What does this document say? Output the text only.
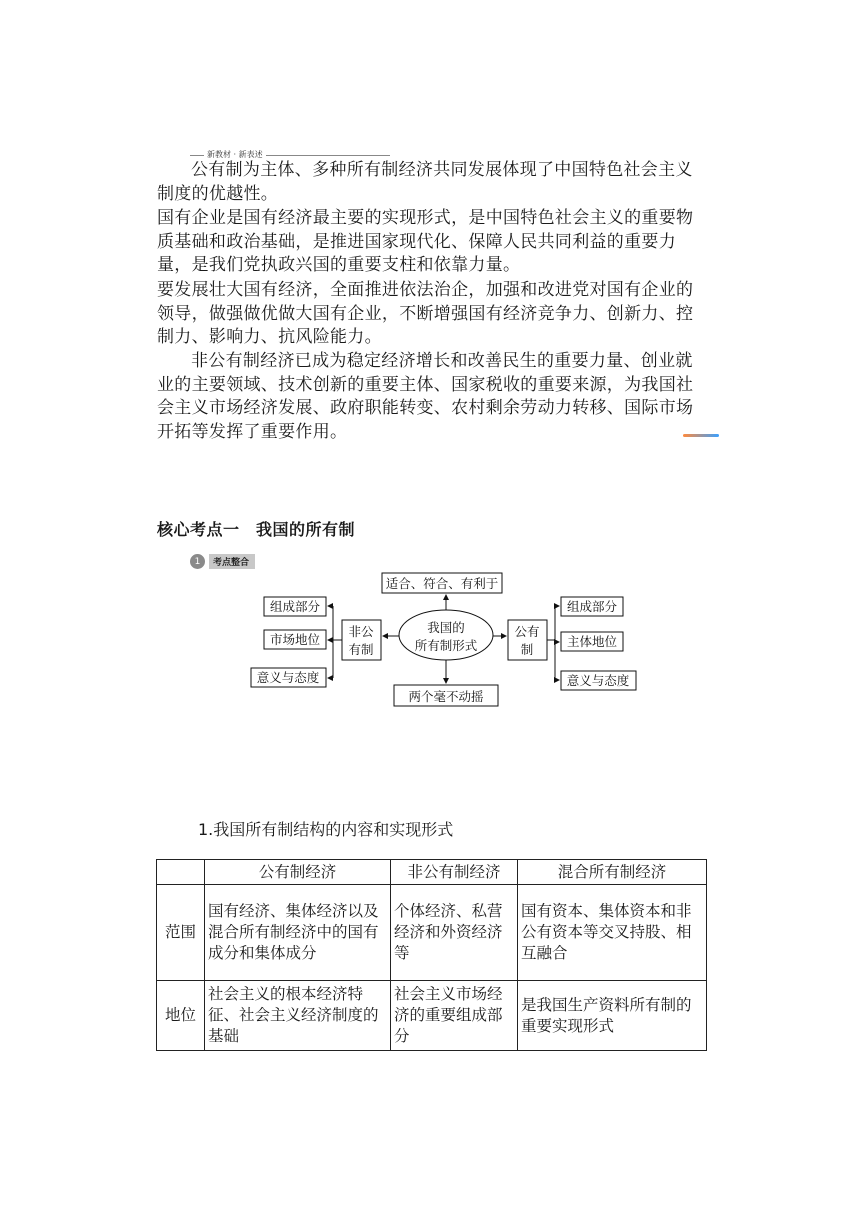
新教材 · 新表述

公有制为主体、多种所有制经济共同发展体现了中国特色社会主义制度的优越性。

国有企业是国有经济最主要的实现形式，是中国特色社会主义的重要物质基础和政治基础，是推进国家现代化、保障人民共同利益的重要力量，是我们党执政兴国的重要支柱和依靠力量。

要发展壮大国有经济，全面推进依法治企，加强和改进党对国有企业的领导，做强做优做大国有企业，不断增强国有经济竞争力、创新力、控制力、影响力、抗风险能力。

非公有制经济已成为稳定经济增长和改善民生的重要力量、创业就业的主要领域、技术创新的重要主体、国家税收的重要来源，为我国社会主义市场经济发展、政府职能转变、农村剩余劳动力转移、国际市场开拓等发挥了重要作用。

核心考点一　我国的所有制
1	考点整合
我国的
所有制形式
适合、符合、有利于
两个毫不动摇
非公
有制
公有
制
组成部分
市场地位
意义与态度
组成部分
主体地位
意义与态度
1.我国所有制结构的内容和实现形式
	公有制经济	非公有制经济	混合所有制经济
范围	国有经济、集体经济以及混合所有制经济中的国有成分和集体成分	个体经济、私营经济和外资经济等	国有资本、集体资本和非公有资本等交叉持股、相互融合
地位	社会主义的根本经济特征、社会主义经济制度的基础	社会主义市场经济的重要组成部分	是我国生产资料所有制的重要实现形式
